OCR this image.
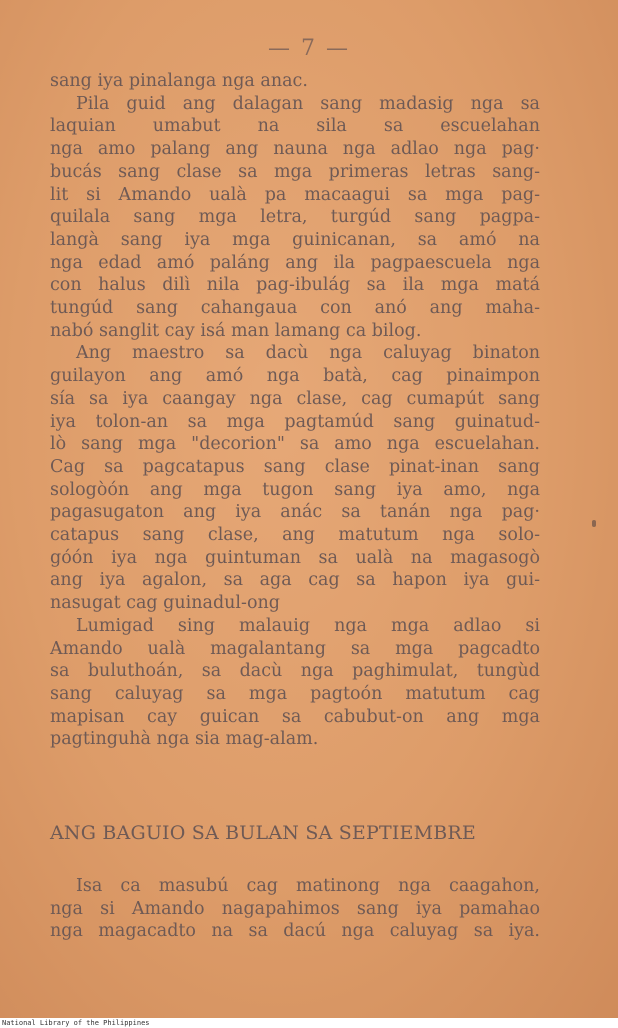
— 7 —
sang iya pinalanga nga anac.
Pila guid ang dalagan sang madasig nga sa
laquian umabut na sila sa escuelahan
nga amo palang ang nauna nga adlao nga pag·
bucás sang clase sa mga primeras letras sang-
lit si Amando ualà pa macaagui sa mga pag-
quilala sang mga letra, turgúd sang pagpa-
langà sang iya mga guinicanan, sa amó na
nga edad amó paláng ang ila pagpaescuela nga
con halus dilì nila pag-ibulág sa ila mga matá
tungúd sang cahangaua con anó ang maha-
nabó sanglit cay isá man lamang ca bilog.
Ang maestro sa dacù nga caluyag binaton
guilayon ang amó nga batà, cag pinaimpon
sía sa iya caangay nga clase, cag cumapút sang
iya tolon-an sa mga pagtamúd sang guinatud-
lò sang mga "decorion" sa amo nga escuelahan.
Cag sa pagcatapus sang clase pinat-inan sang
sologòón ang mga tugon sang iya amo, nga
pagasugaton ang iya anác sa tanán nga pag·
catapus sang clase, ang matutum nga solo-
góón iya nga guintuman sa ualà na magasogò
ang iya agalon, sa aga cag sa hapon iya gui-
nasugat cag guinadul-ong
Lumigad sing malauig nga mga adlao si
Amando ualà magalantang sa mga pagcadto
sa buluthoán, sa dacù nga paghimulat, tungùd
sang caluyag sa mga pagtoón matutum cag
mapisan cay guican sa cabubut-on ang mga
pagtinguhà nga sia mag-alam.
ANG BAGUIO SA BULAN SA SEPTIEMBRE
Isa ca masubú cag matinong nga caagahon,
nga si Amando nagapahimos sang iya pamahao
nga magacadto na sa dacú nga caluyag sa iya.
National Library of the Philippines
